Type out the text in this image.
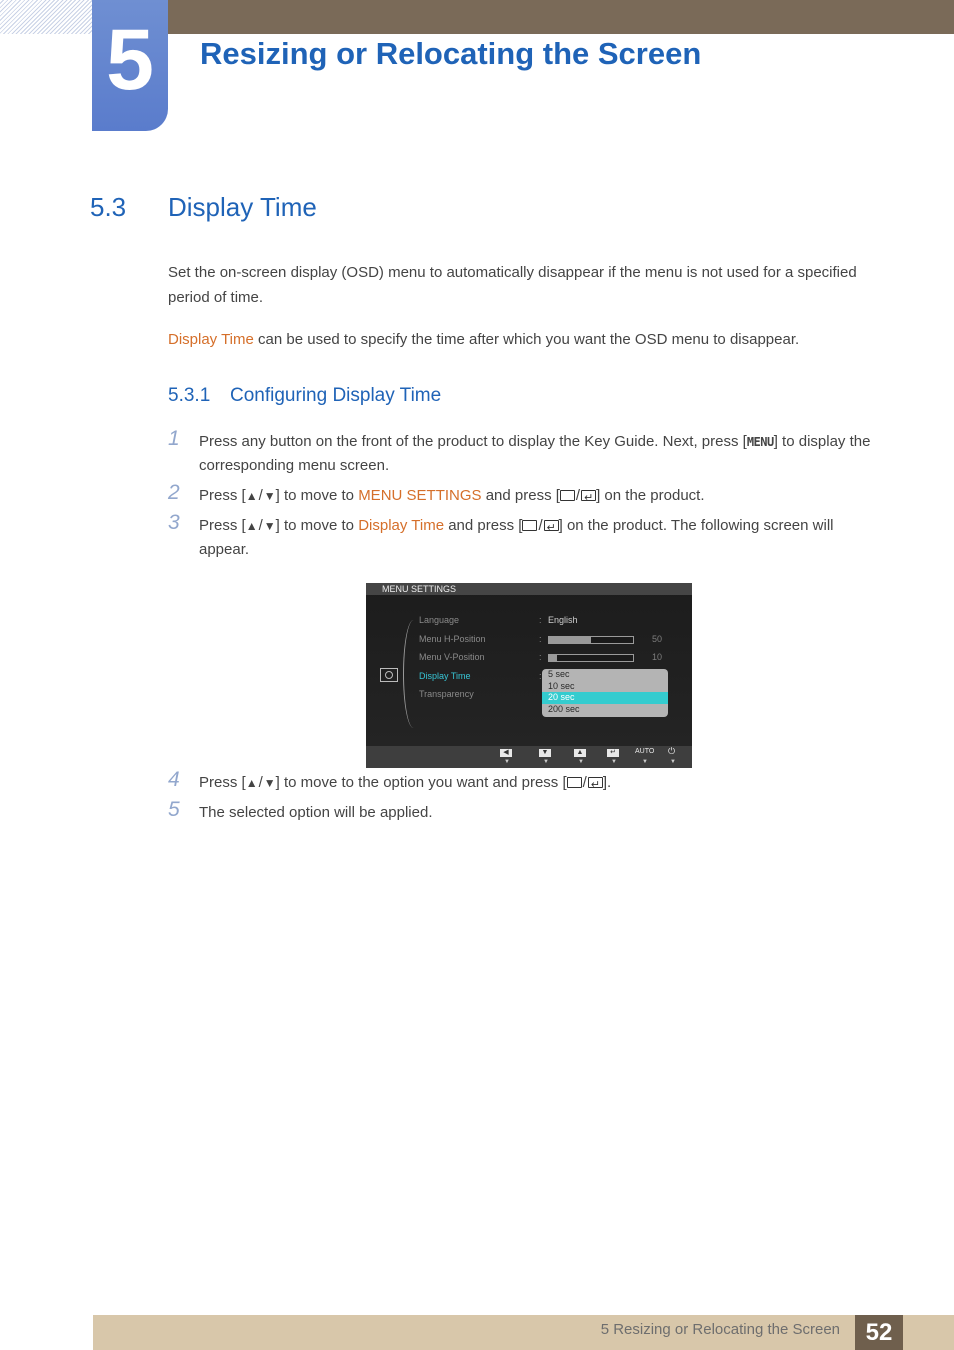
5	Resizing or Relocating the Screen
5.3 Display Time

Set the on-screen display (OSD) menu to automatically disappear if the menu is not used for a specified period of time.

Display Time can be used to specify the time after which you want the OSD menu to disappear.

5.3.1 Configuring Display Time
1	Press any button on the front of the product to display the Key Guide. Next, press [MENU] to display the corresponding menu screen.
2	Press [▲/▼] to move to MENU SETTINGS and press [ / ↵ ] on the product.
3	Press [▲/▼] to move to Display Time and press [ / ↵ ] on the product. The following screen will appear.
MENU SETTINGS
Language	: English
Menu H-Position	:	50
Menu V-Position	:	10
Display Time	:
Transparency
5 sec
10 sec
20 sec
200 sec
◀
▼
▼
▼
▲
▼
↵
▼
AUTO
▼
⏻
▼
4	Press [▲/▼] to move to the option you want and press [ / ↵ ].
5	The selected option will be applied.
5 Resizing or Relocating the Screen	52
